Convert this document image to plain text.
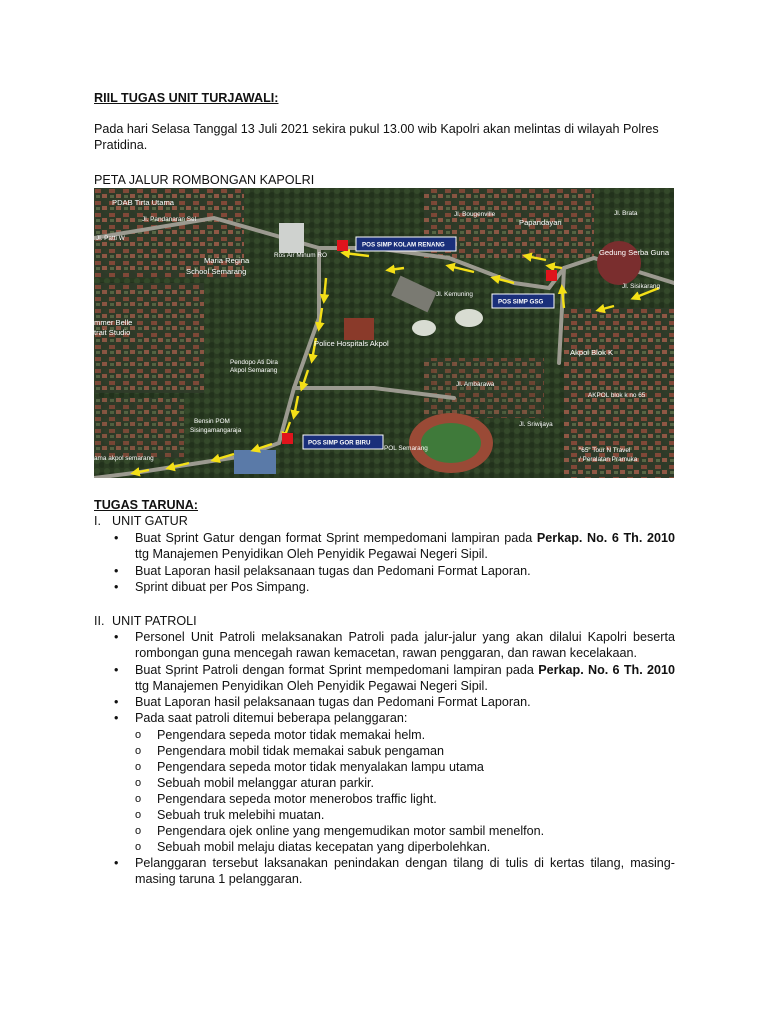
RIIL TUGAS UNIT TURJAWALI:
Pada hari Selasa Tanggal 13 Juli 2021 sekira pukul 13.00 wib Kapolri akan melintas di wilayah Polres Pratidina.
PETA JALUR ROMBONGAN KAPOLRI
POS SIMP KOLAM RENANG
POS SIMP GSG
POS SIMP GOR BIRU
PDAB Tirta Utama
Jl. Pandanaran Sel
Jl. Patti W
Maria Regina
School Semarang
Jl. Bougenville
Papandayan
Jl. Brata
Gedung Serba Guna
Ros Air Minum RO
Jl. Kemuning
Jl. Sisikarang
mmer Belle
trait Studio
Police Hospitals Akpol
Pendopo Ati Dira
Akpol Semarang
Akpol Blok K
AKPOL blok k no 65
Jl. Ambarawa
Jl. Sriwijaya
Bensin POM
Sisingamangaraja
POL Semarang	"65" Tour N Travel
/ Peralatan Pramuka
ama akpol semarang
TUGAS TARUNA:
I. UNIT GATUR
• Buat Sprint Gatur dengan format Sprint mempedomani lampiran pada Perkap. No. 6 Th. 2010 ttg Manajemen Penyidikan Oleh Penyidik Pegawai Negeri Sipil.
• Buat Laporan hasil pelaksanaan tugas dan Pedomani Format Laporan.
• Sprint dibuat per Pos Simpang.
II. UNIT PATROLI
• Personel Unit Patroli melaksanakan Patroli pada jalur-jalur yang akan dilalui Kapolri beserta rombongan guna mencegah rawan kemacetan, rawan penggaran, dan rawan kecelakaan.
• Buat Sprint Patroli dengan format Sprint mempedomani lampiran pada Perkap. No. 6 Th. 2010 ttg Manajemen Penyidikan Oleh Penyidik Pegawai Negeri Sipil.
• Buat Laporan hasil pelaksanaan tugas dan Pedomani Format Laporan.
• Pada saat patroli ditemui beberapa pelanggaran:
o Pengendara sepeda motor tidak memakai helm.
o Pengendara mobil tidak memakai sabuk pengaman
o Pengendara sepeda motor tidak menyalakan lampu utama
o Sebuah mobil melanggar aturan parkir.
o Pengendara sepeda motor menerobos traffic light.
o Sebuah truk melebihi muatan.
o Pengendara ojek online yang mengemudikan motor sambil menelfon.
o Sebuah mobil melaju diatas kecepatan yang diperbolehkan.
• Pelanggaran tersebut laksanakan penindakan dengan tilang di tulis di kertas tilang, masing-masing taruna 1 pelanggaran.
